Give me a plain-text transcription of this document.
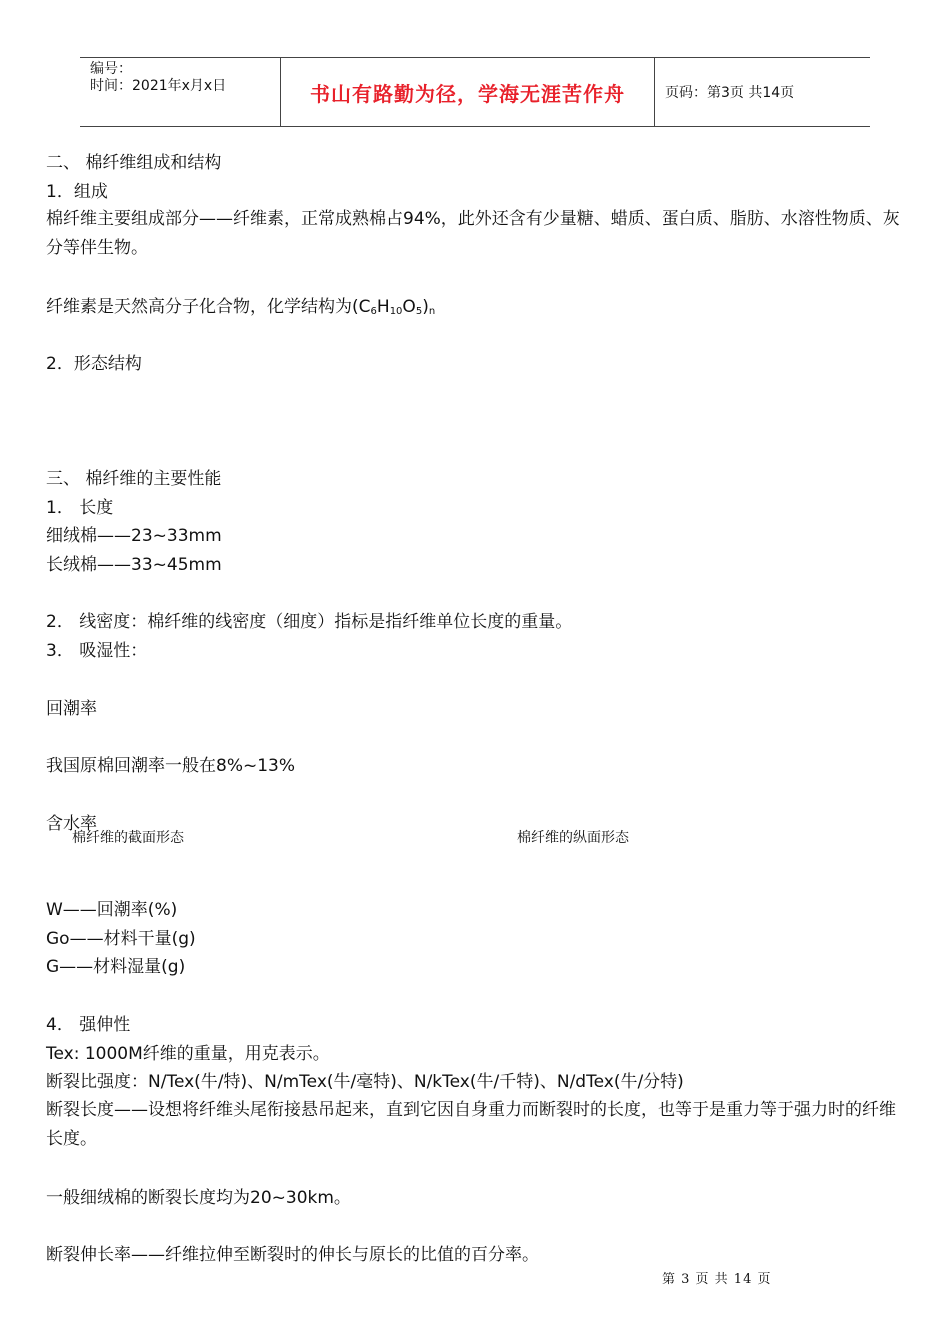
编号：
时间：2021年x月x日	书山有路勤为径，学海无涯苦作舟	页码：第3页 共14页
二、 棉纤维组成和结构
1．组成
棉纤维主要组成部分——纤维素，正常成熟棉占94%，此外还含有少量糖、蜡质、蛋白质、脂肪、水溶性物质、灰分等伴生物。
纤维素是天然高分子化合物，化学结构为$(C_6H_{10}O_5)_n$
2．形态结构
三、 棉纤维的主要性能
1． 长度
细绒棉——23~33mm
长绒棉——33~45mm
2． 线密度：棉纤维的线密度（细度）指标是指纤维单位长度的重量。
3． 吸湿性：
回潮率
我国原棉回潮率一般在8%~13%
含水率
棉纤维的截面形态	棉纤维的纵面形态
W——回潮率(%)
Go——材料干量(g)
G——材料湿量(g)
4． 强伸性
Tex: 1000M纤维的重量，用克表示。
断裂比强度：N/Tex(牛/特)、N/mTex(牛/毫特)、N/kTex(牛/千特)、N/dTex(牛/分特)
断裂长度——设想将纤维头尾衔接悬吊起来，直到它因自身重力而断裂时的长度，也等于是重力等于强力时的纤维长度。
一般细绒棉的断裂长度均为20~30km。
断裂伸长率——纤维拉伸至断裂时的伸长与原长的比值的百分率。
第 3 页 共 14 页
